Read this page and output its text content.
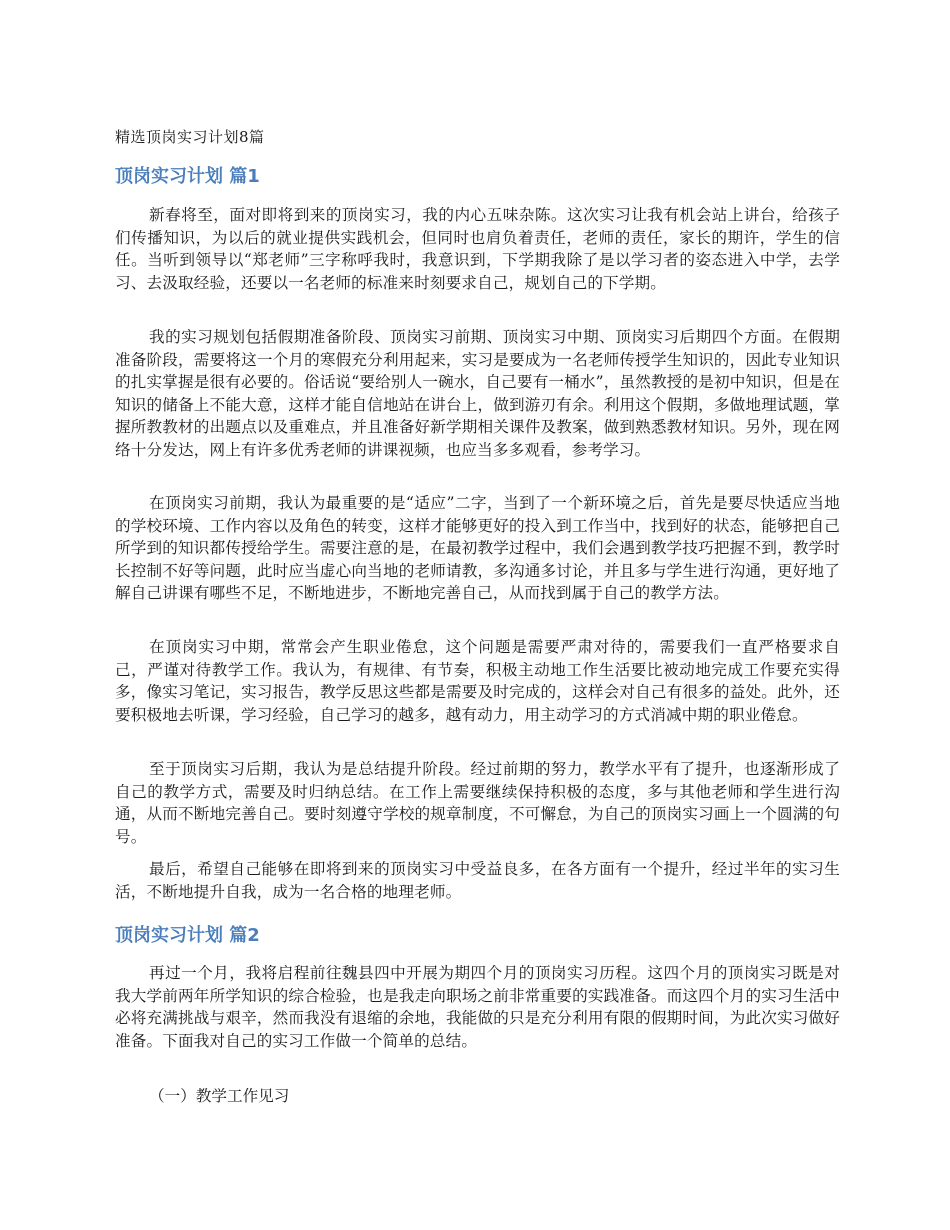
精选顶岗实习计划8篇
顶岗实习计划 篇1

新春将至，面对即将到来的顶岗实习，我的内心五味杂陈。这次实习让我有机会站上讲台，给孩子们传播知识，为以后的就业提供实践机会，但同时也肩负着责任，老师的责任，家长的期许，学生的信任。当听到领导以“郑老师”三字称呼我时，我意识到，下学期我除了是以学习者的姿态进入中学，去学习、去汲取经验，还要以一名老师的标准来时刻要求自己，规划自己的下学期。

我的实习规划包括假期准备阶段、顶岗实习前期、顶岗实习中期、顶岗实习后期四个方面。在假期准备阶段，需要将这一个月的寒假充分利用起来，实习是要成为一名老师传授学生知识的，因此专业知识的扎实掌握是很有必要的。俗话说“要给别人一碗水，自己要有一桶水”，虽然教授的是初中知识，但是在知识的储备上不能大意，这样才能自信地站在讲台上，做到游刃有余。利用这个假期，多做地理试题，掌握所教教材的出题点以及重难点，并且准备好新学期相关课件及教案，做到熟悉教材知识。另外，现在网络十分发达，网上有许多优秀老师的讲课视频，也应当多多观看，参考学习。

在顶岗实习前期，我认为最重要的是“适应”二字，当到了一个新环境之后，首先是要尽快适应当地的学校环境、工作内容以及角色的转变，这样才能够更好的投入到工作当中，找到好的状态，能够把自己所学到的知识都传授给学生。需要注意的是，在最初教学过程中，我们会遇到教学技巧把握不到，教学时长控制不好等问题，此时应当虚心向当地的老师请教，多沟通多讨论，并且多与学生进行沟通，更好地了解自己讲课有哪些不足，不断地进步，不断地完善自己，从而找到属于自己的教学方法。

在顶岗实习中期，常常会产生职业倦怠，这个问题是需要严肃对待的，需要我们一直严格要求自己，严谨对待教学工作。我认为，有规律、有节奏，积极主动地工作生活要比被动地完成工作要充实得多，像实习笔记，实习报告，教学反思这些都是需要及时完成的，这样会对自己有很多的益处。此外，还要积极地去听课，学习经验，自己学习的越多，越有动力，用主动学习的方式消减中期的职业倦怠。

至于顶岗实习后期，我认为是总结提升阶段。经过前期的努力，教学水平有了提升，也逐渐形成了自己的教学方式，需要及时归纳总结。在工作上需要继续保持积极的态度，多与其他老师和学生进行沟通，从而不断地完善自己。要时刻遵守学校的规章制度，不可懈怠，为自己的顶岗实习画上一个圆满的句号。

最后，希望自己能够在即将到来的顶岗实习中受益良多，在各方面有一个提升，经过半年的实习生活，不断地提升自我，成为一名合格的地理老师。

顶岗实习计划 篇2

再过一个月，我将启程前往魏县四中开展为期四个月的顶岗实习历程。这四个月的顶岗实习既是对我大学前两年所学知识的综合检验，也是我走向职场之前非常重要的实践准备。而这四个月的实习生活中必将充满挑战与艰辛，然而我没有退缩的余地，我能做的只是充分利用有限的假期时间，为此次实习做好准备。下面我对自己的实习工作做一个简单的总结。

（一）教学工作见习
